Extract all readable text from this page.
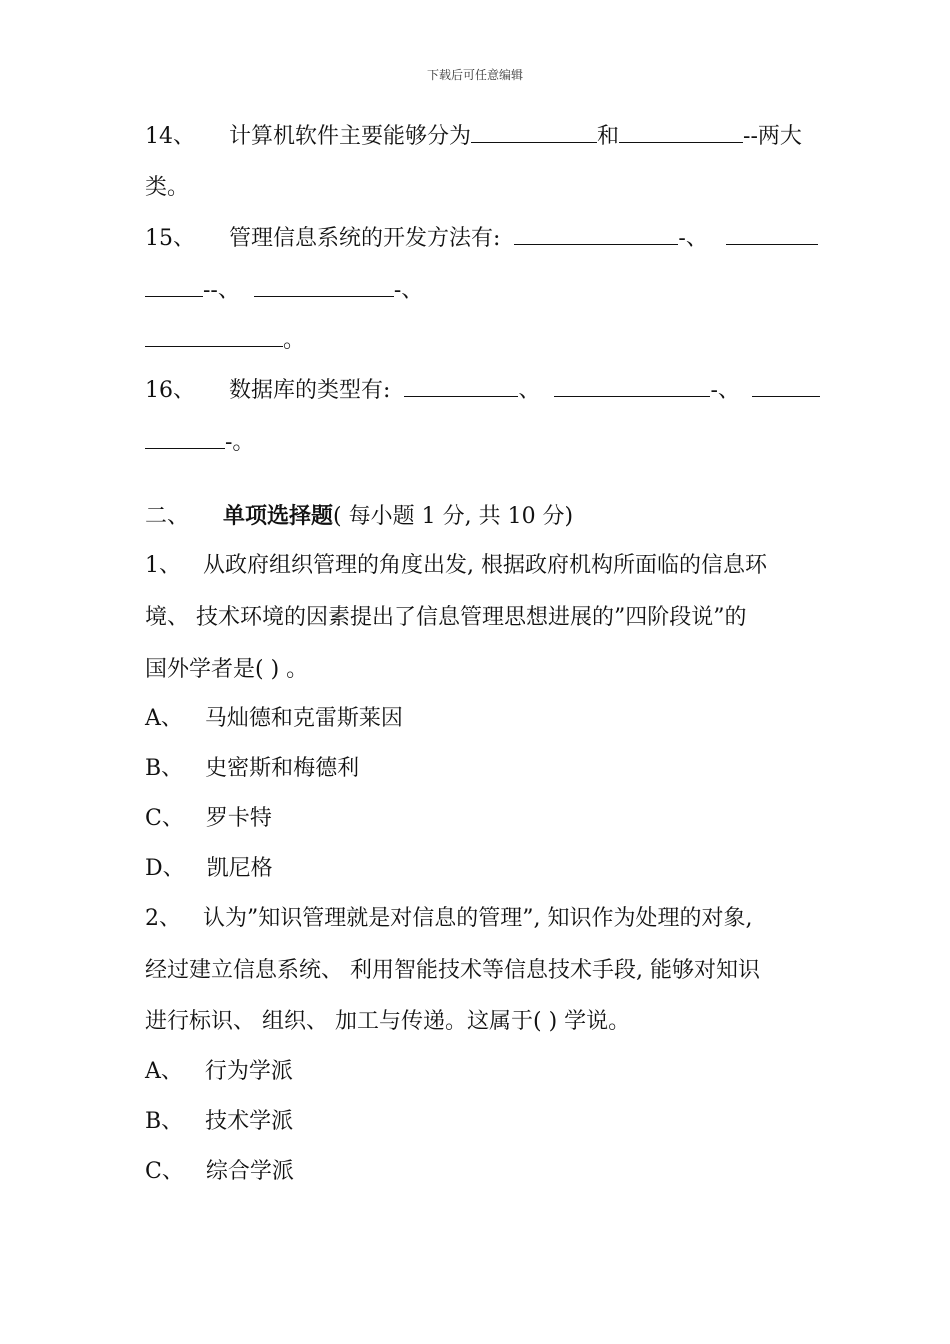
下载后可任意编辑
14、 计算机软件主要能够分为	和	--两大
类。
15、 管理信息系统的开发方法有:	-、
--、	-、
。
16、 数据库的类型有:	、	-、
-。
二、 单项选择题( 每小题 1 分, 共 10 分)
1、 从政府组织管理的角度出发, 根据政府机构所面临的信息环
境、 技术环境的因素提出了信息管理思想进展的”四阶段说”的
国外学者是( ) 。
A、 马灿德和克雷斯莱因
B、 史密斯和梅德利
C、 罗卡特
D、 凯尼格
2、 认为”知识管理就是对信息的管理”, 知识作为处理的对象,
经过建立信息系统、 利用智能技术等信息技术手段, 能够对知识
进行标识、 组织、 加工与传递。这属于( ) 学说。
A、 行为学派
B、 技术学派
C、 综合学派
